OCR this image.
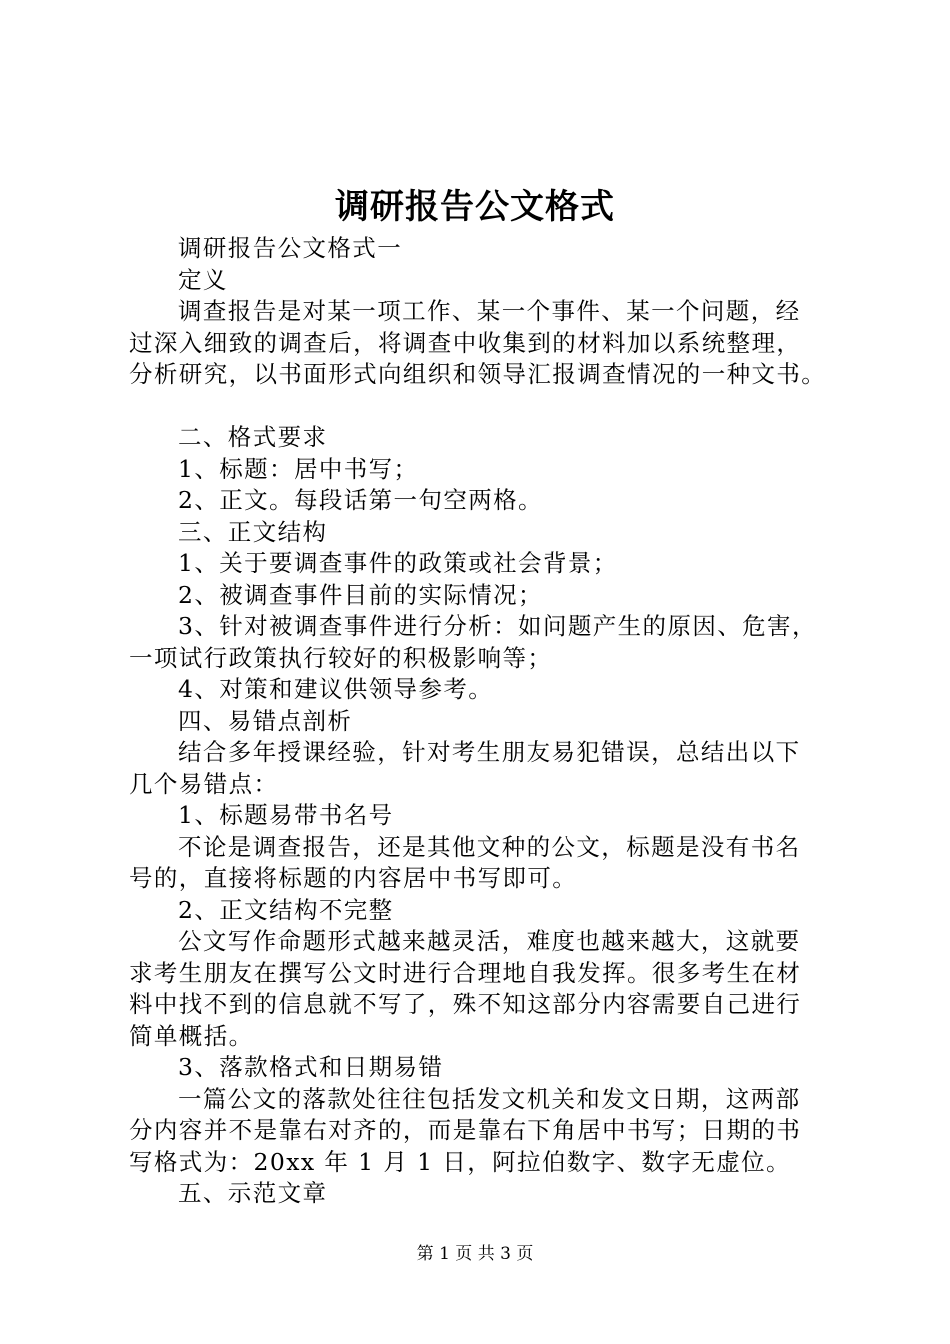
调研报告公文格式
调研报告公文格式一
定义
调查报告是对某一项工作、某一个事件、某一个问题，经
过深入细致的调查后，将调查中收集到的材料加以系统整理，
分析研究，以书面形式向组织和领导汇报调查情况的一种文书。
二、格式要求
1、标题：居中书写；
2、正文。每段话第一句空两格。
三、正文结构
1、关于要调查事件的政策或社会背景；
2、被调查事件目前的实际情况；
3、针对被调查事件进行分析：如问题产生的原因、危害，
一项试行政策执行较好的积极影响等；
4、对策和建议供领导参考。
四、易错点剖析
结合多年授课经验，针对考生朋友易犯错误，总结出以下
几个易错点：
1、标题易带书名号
不论是调查报告，还是其他文种的公文，标题是没有书名
号的，直接将标题的内容居中书写即可。
2、正文结构不完整
公文写作命题形式越来越灵活，难度也越来越大，这就要
求考生朋友在撰写公文时进行合理地自我发挥。很多考生在材
料中找不到的信息就不写了，殊不知这部分内容需要自己进行
简单概括。
3、落款格式和日期易错
一篇公文的落款处往往包括发文机关和发文日期，这两部
分内容并不是靠右对齐的，而是靠右下角居中书写；日期的书
写格式为：20xx 年 1 月 1 日，阿拉伯数字、数字无虚位。
五、示范文章
第 1 页 共 3 页
